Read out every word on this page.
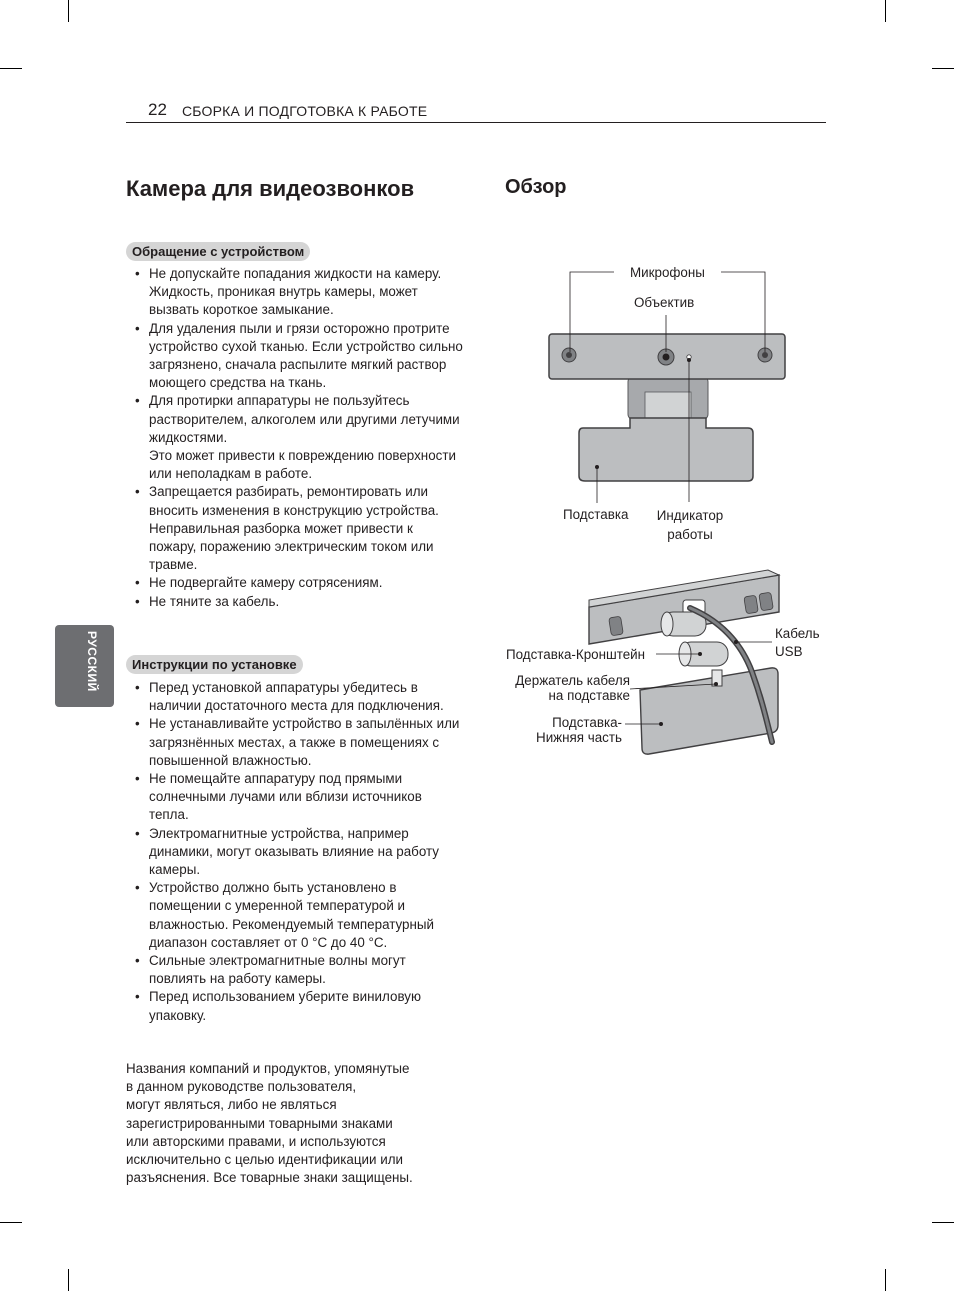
22 СБОРКА И ПОДГОТОВКА К РАБОТЕ
РУССКИЙ
Камера для видеозвонков
Обращение с устройством
• Не допускайте попадания жидкости на камеру. Жидкость, проникая внутрь камеры, может вызвать короткое замыкание.
• Для удаления пыли и грязи осторожно протрите устройство сухой тканью. Если устройство сильно загрязнено, сначала распылите мягкий раствор моющего средства на ткань.
• Для протирки аппаратуры не пользуйтесь растворителем, алкоголем или другими летучими жидкостями.
Это может привести к повреждению поверхности или неполадкам в работе.
• Запрещается разбирать, ремонтировать или вносить изменения в конструкцию устройства. Неправильная разборка может привести к пожару, поражению электрическим током или травме.
• Не подвергайте камеру сотрясениям.
• Не тяните за кабель.
Инструкции по установке
• Перед установкой аппаратуры убедитесь в наличии достаточного места для подключения.
• Не устанавливайте устройство в запылённых или загрязнённых местах, а также в помещениях с повышенной влажностью.
• Не помещайте аппаратуру под прямыми солнечными лучами или вблизи источников тепла.
• Электромагнитные устройства, например динамики, могут оказывать влияние на работу камеры.
• Устройство должно быть установлено в помещении с умеренной температурой и влажностью. Рекомендуемый температурный диапазон составляет от 0 °C до 40 °C.
• Сильные электромагнитные волны могут повлиять на работу камеры.
• Перед использованием уберите виниловую упаковку.
Названия компаний и продуктов, упомянутые
в данном руководстве пользователя,
могут являться, либо не являться
зарегистрированными товарными знаками
или авторскими правами, и используются
исключительно с целью идентификации или
разъяснения. Все товарные знаки защищены.
Обзор
Микрофоны
Объектив
Подставка	Индикатор
работы
Подставка-Кронштейн
Держатель кабеля
на подставке
Подставка-
Нижняя часть
Кабель
USB
